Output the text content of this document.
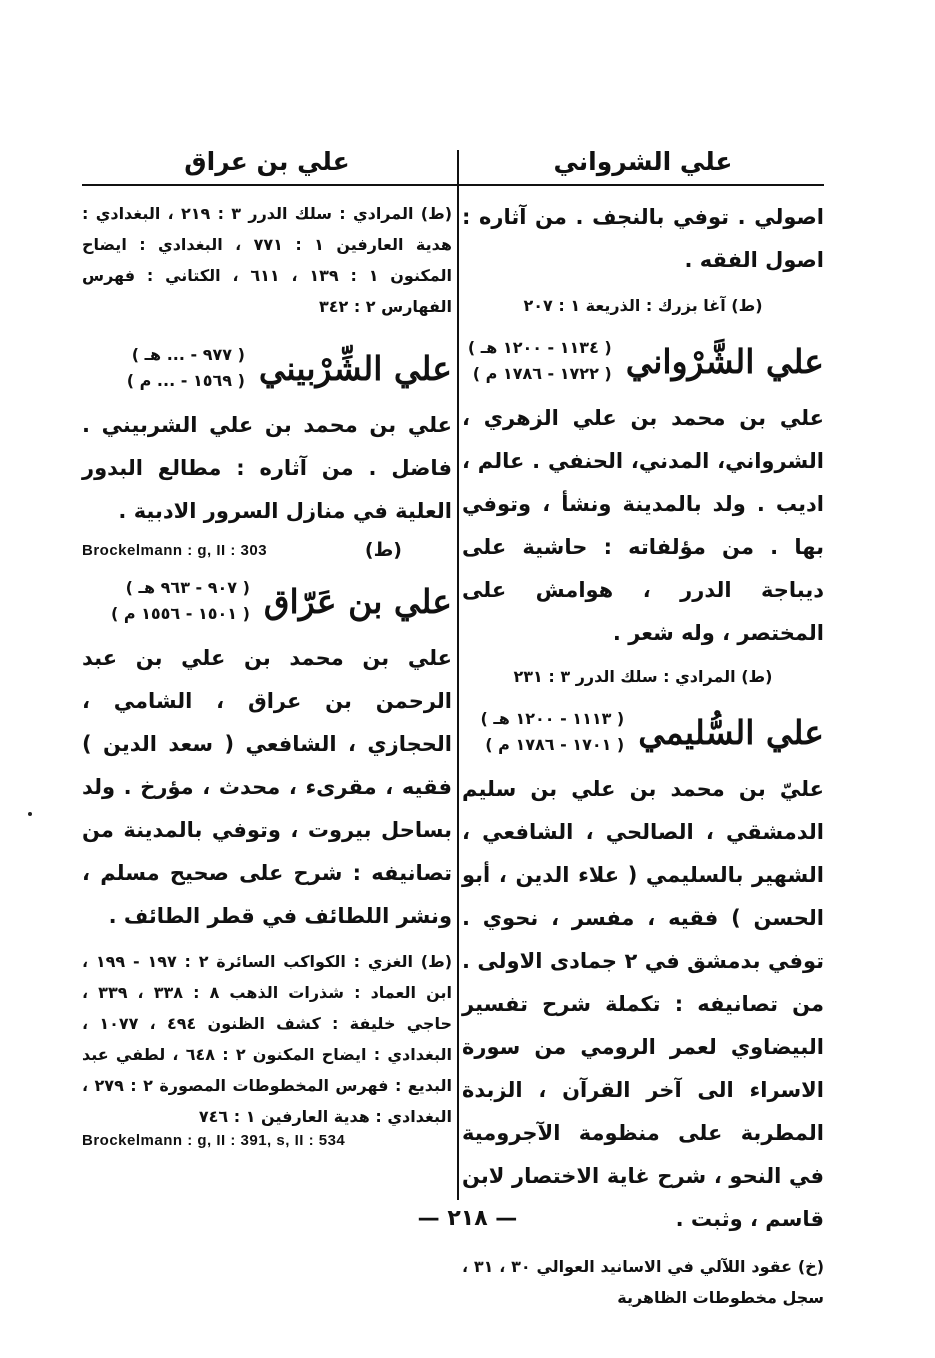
علي الشرواني
اصولي . توفي بالنجف . من آثاره : اصول الفقه .
(ط) آغا بزرك : الذريعة ١ : ٢٠٧
علي الشَّرْواني
( ١١٣٤ - ١٢٠٠ هـ )
( ١٧٢٢ - ١٧٨٦ م )
علي بن محمد بن علي الزهري ، الشرواني، المدني، الحنفي . عالم ، اديب . ولد بالمدينة ونشأ ، وتوفي بها . من مؤلفاته : حاشية على ديباجة الدرر ، هوامش على المختصر ، وله شعر .
(ط) المرادي : سلك الدرر ٣ : ٢٣١
علي السُّليمي
( ١١١٣ - ١٢٠٠ هـ )
( ١٧٠١ - ١٧٨٦ م )
عليّ بن محمد بن علي بن سليم الدمشقي ، الصالحي ، الشافعي ، الشهير بالسليمي ( علاء الدين ، أبو الحسن ) فقيه ، مفسر ، نحوي . توفي بدمشق في ٢ جمادى الاولى . من تصانيفه : تكملة شرح تفسير البيضاوي لعمر الرومي من سورة الاسراء الى آخر القرآن ، الزبدة المطربة على منظومة الآجرومية في النحو ، شرح غاية الاختصار لابن قاسم ، وثبت .
(خ) عقود اللآلي في الاسانيد العوالي ٣٠ ، ٣١ ، سجل مخطوطات الظاهرية
علي بن عراق
(ط) المرادي : سلك الدرر ٣ : ٢١٩ ، البغدادي : هدية العارفين ١ : ٧٧١ ، البغدادي : ايضاح المكنون ١ : ١٣٩ ، ٦١١ ، الكتاني : فهرس الفهارس ٢ : ٣٤٢
علي الشِّرْبيني
( ٩٧٧ - ... هـ )
( ١٥٦٩ - ... م )
علي بن محمد بن علي الشربيني . فاضل . من آثاره : مطالع البدور العلية في منازل السرور الادبية .
Brockelmann : g, II : 303	(ط)
علي بن عَرّاق
( ٩٠٧ - ٩٦٣ هـ )
( ١٥٠١ - ١٥٥٦ م )
علي بن محمد بن علي بن عبد الرحمن بن عراق ، الشامي ، الحجازي ، الشافعي ( سعد الدين ) فقيه ، مقرىء ، محدث ، مؤرخ . ولد بساحل بيروت ، وتوفي بالمدينة من تصانيفه : شرح على صحيح مسلم ، ونشر اللطائف في قطر الطائف .
(ط) الغزي : الكواكب السائرة ٢ : ١٩٧ - ١٩٩ ، ابن العماد : شذرات الذهب ٨ : ٣٣٨ ، ٣٣٩ ، حاجي خليفة : كشف الظنون ٤٩٤ ، ١٠٧٧ ، البغدادي : ايضاح المكنون ٢ : ٦٤٨ ، لطفي عبد البديع : فهرس المخطوطات المصورة ٢ : ٢٧٩ ، البغدادي : هدية العارفين ١ : ٧٤٦
Brockelmann : g, II : 391, s, II : 534
— ٢١٨ —
